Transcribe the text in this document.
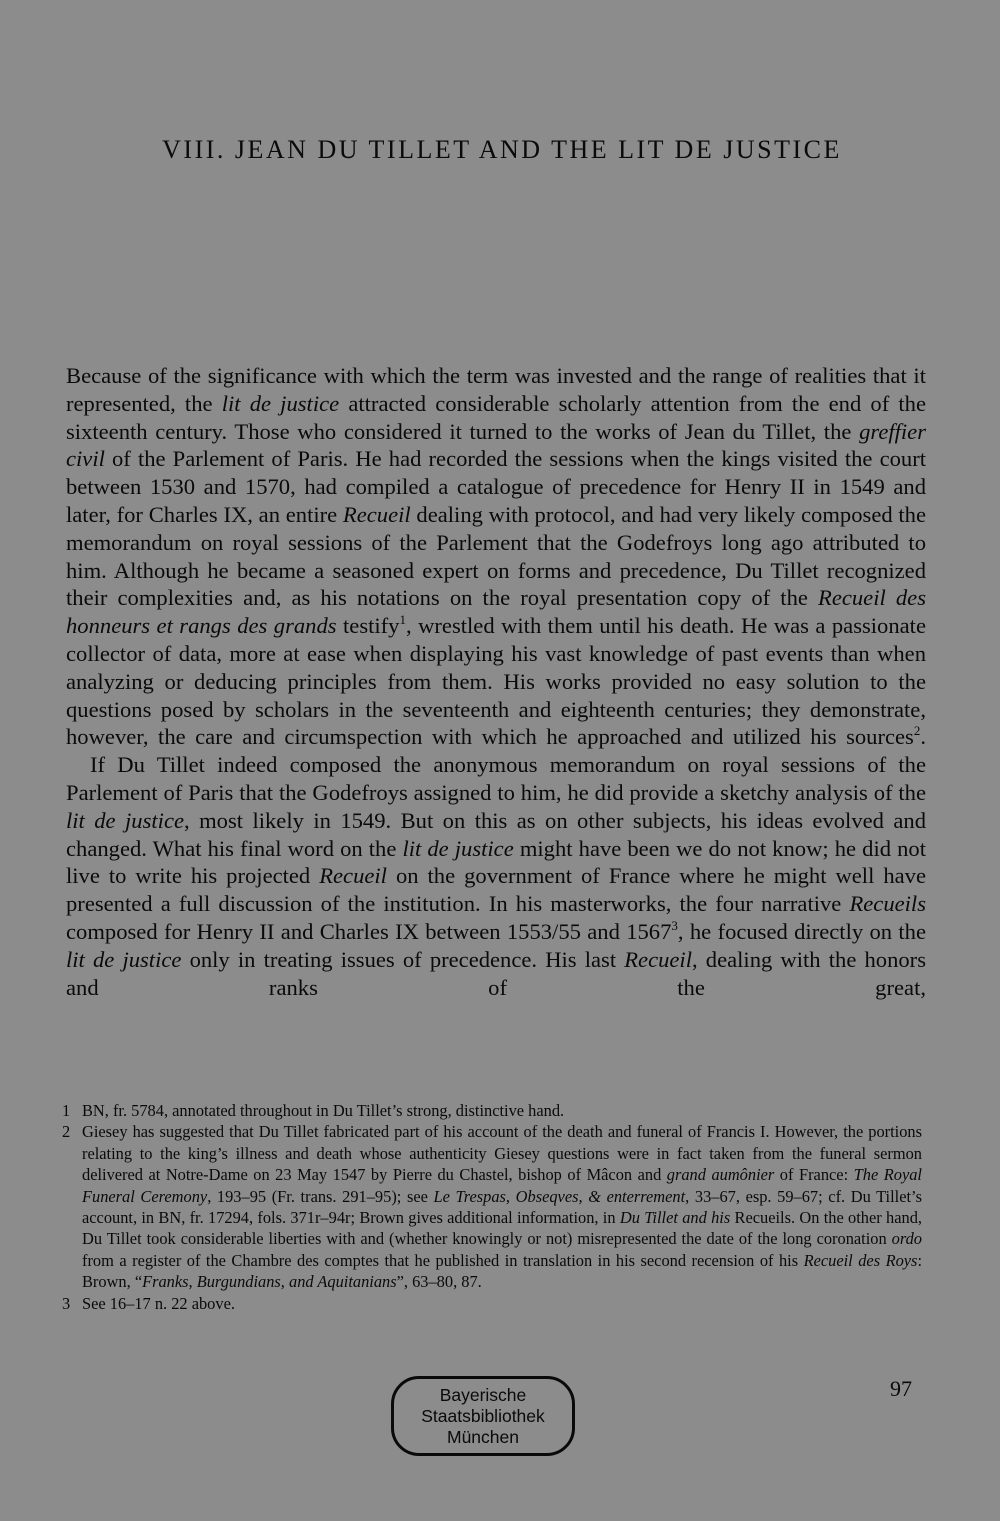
VIII. JEAN DU TILLET AND THE LIT DE JUSTICE

Because of the significance with which the term was invested and the range of realities that it represented, the lit de justice attracted considerable scholarly attention from the end of the sixteenth century. Those who considered it turned to the works of Jean du Tillet, the greffier civil of the Parlement of Paris. He had recorded the sessions when the kings visited the court between 1530 and 1570, had compiled a catalogue of precedence for Henry II in 1549 and later, for Charles IX, an entire Recueil dealing with protocol, and had very likely composed the memorandum on royal sessions of the Parlement that the Godefroys long ago attributed to him. Although he became a seasoned expert on forms and precedence, Du Tillet recognized their complexities and, as his notations on the royal presentation copy of the Recueil des honneurs et rangs des grands testify$^1$, wrestled with them until his death. He was a passionate collector of data, more at ease when displaying his vast knowledge of past events than when analyzing or deducing principles from them. His works provided no easy solution to the questions posed by scholars in the seventeenth and eighteenth centuries; they demonstrate, however, the care and circumspection with which he approached and utilized his sources$^2$.

If Du Tillet indeed composed the anonymous memorandum on royal sessions of the Parlement of Paris that the Godefroys assigned to him, he did provide a sketchy analysis of the lit de justice, most likely in 1549. But on this as on other subjects, his ideas evolved and changed. What his final word on the lit de justice might have been we do not know; he did not live to write his projected Recueil on the government of France where he might well have presented a full discussion of the institution. In his masterworks, the four narrative Recueils composed for Henry II and Charles IX between 1553/55 and 1567$^3$, he focused directly on the lit de justice only in treating issues of precedence. His last Recueil, dealing with the honors and ranks of the great,

1 BN, fr. 5784, annotated throughout in Du Tillet’s strong, distinctive hand.
2 Giesey has suggested that Du Tillet fabricated part of his account of the death and funeral of Francis I. However, the portions relating to the king’s illness and death whose authenticity Giesey questions were in fact taken from the funeral sermon delivered at Notre-Dame on 23 May 1547 by Pierre du Chastel, bishop of Mâcon and grand aumônier of France: The Royal Funeral Ceremony, 193–95 (Fr. trans. 291–95); see Le Trespas, Obseqves, & enterrement, 33–67, esp. 59–67; cf. Du Tillet’s account, in BN, fr. 17294, fols. 371r–94r; Brown gives additional information, in Du Tillet and his Recueils. On the other hand, Du Tillet took considerable liberties with and (whether knowingly or not) misrepresented the date of the long coronation ordo from a register of the Chambre des comptes that he published in translation in his second recension of his Recueil des Roys: Brown, “Franks, Burgundians, and Aquitanians”, 63–80, 87.
3 See 16–17 n. 22 above.
Bayerische
Staatsbibliothek
München
97
